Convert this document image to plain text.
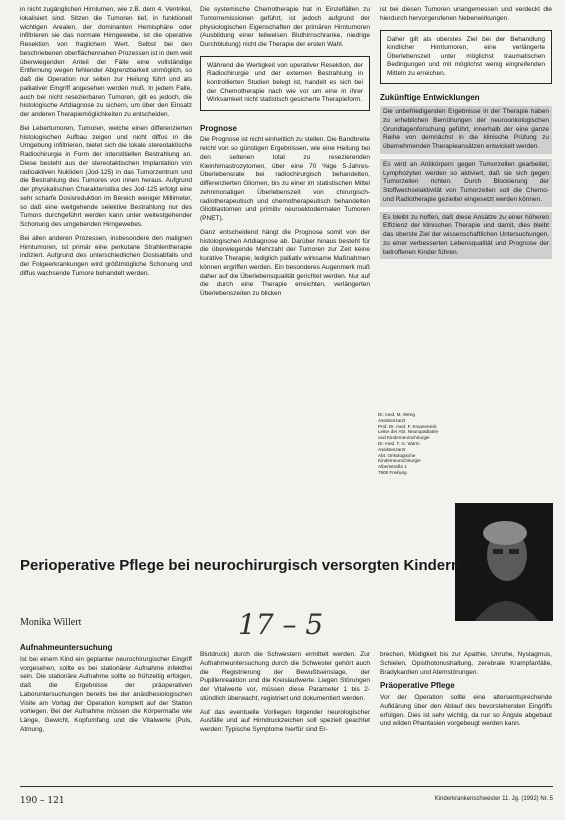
in nicht zugänglichen Hirnlumen, wie z.B. dem 4. Ventrikel, lokalisiert sind. Sitzen die Tumoren tief, in funktionell wichtigen Arealen, der dominanten Hemisphäre oder infiltrieren sie das normale Hirngewebe, ist die operative Resektion von fraglichem Wert. Selbst bei den beschriebenen oberflächennahen Prozessen ist in dem weit überwiegenden Anteil der Fälle eine vollständige Entfernung wegen fehlender Abgrenzbarkeit unmöglich, so daß die Operation nur selten zur Heilung führt und als palliativer Eingriff angesehen werden muß. In jedem Falle, auch bei nicht resezierbaren Tumoren, gilt es jedoch, die histologische Artdiagnose zu sichern, um über den Einsatz der anderen Therapiemöglichkeiten zu entscheiden.

Bei Lebertumoren, Tumoren, welche einen differenzierten histologischen Aufbau zeigen und nicht diffus in die Umgebung infiltrieren, bietet sich die lokale stereotaktische Radiochirurgie in Form der interstitiellen Bestrahlung an. Diese besteht aus der stereotaktischen Implantation von radioaktiven Nukliden (Jod-125) in das Tumorzentrum und die Bestrahlung des Tumores von innen heraus. Aufgrund der physikalischen Charakteristika des Jod-125 erfolgt eine sehr scharfe Dosisreduktion im Bereich weniger Millimeter, so daß eine weitgehende selektive Bestrahlung nur des Tumors durchgeführt werden kann unter weitestgehender Schonung des umgebenden Hirngewebes.

Bei allen anderen Prozessen, insbesondere den malignen Hirntumoren, ist primär eine perkutane Strahlentherapie indiziert. Aufgrund des unterschiedlichen Dosisabfalls und der Folgeerkrankungen wird größtmögliche Schonung und diffus wachsende Tumore behandelt werden.

Die systemische Chemotherapie hat in Einzelfällen zu Tumorremissionen geführt, ist jedoch aufgrund der physiologischen Eigenschaften der primären Hirntumoren (Ausbildung einer teilweisen Bluthirnschranke, niedrige Durchblutung) nicht die Therapie der ersten Wahl.

Während die Wertigkeit von operativer Resektion, der Radiochirurgie und der externen Bestrahlung in kontrollierten Studien belegt ist, handelt es sich bei der Chemotherapie nach wie vor um eine in ihrer Wirksamkeit nicht statistisch gesicherte Therapieform.
Prognose

Die Prognose ist nicht einheitlich zu stellen. Die Bandbreite reicht von so günstigen Ergebnissen, wie eine Heilung bei den seltenen total zu resezierenden Kleinhirnastrozytomen, über eine 70 %ige 5-Jahres-Überlebensrate bei radiochirurgisch behandelten, differenzierten Gliomen, bis zu einer im statistischen Mittel zehnmonatigen Überlebenszeit von chirurgisch-radiotherapeutisch und chemotherapeutisch behandelten Glioblastomen und primitiv neuroektodermalen Tumoren (PNET).

Ganz entscheidend hängt die Prognose somit von der histologischen Artdiagnose ab. Darüber hinaus besteht für die überwiegende Mehrzahl der Tumoren zur Zeit keine kurative Therapie, lediglich palliativ wirksame Maßnahmen können ergriffen werden. Ein besonderes Augenmerk muß daher auf die Überlebensqualität gerichtet werden. Nur auf die durch eine Therapie erreichten, verlängerten Überlebenszeiten zu blicken

ist bei diesen Tumoren unangemessen und verdeckt die hierdurch hervorgerufenen Nebenwirkungen.

Daher gilt als oberstes Ziel bei der Behandlung kindlicher Hirntumoren, eine verlängerte Überlebenszeit unter möglichst traumatischen Bedingungen und mit möglichst wenig eingreifenden Mitteln zu erreichen.
Zukünftige Entwicklungen

Die unbefriedigenden Ergebnisse in der Therapie haben zu erheblichen Bemühungen der neuroonkologischen Grundlagenforschung geführt, innerhalb der eine ganze Reihe von demnächst in die klinische Prüfung zu übernehmenden Therapieansätzen entwickelt werden.

Es wird an Antikörpern gegen Tumorzellen gearbeitet, Lymphozyten werden so aktiviert, daß sie sich gegen Tumorzellen richten. Durch Blockierung der Stoffwechselaktivität von Tumorzellen soll die Chemo- und Radiotherapie gezielter eingesetzt werden können.

Es bleibt zu hoffen, daß diese Ansätze zu einer höheren Effizienz der klinischen Therapie und damit, dies bleibt das oberste Ziel der wissenschaftlichen Untersuchungen, zu einer verbesserten Lebensqualität und Prognose der betroffenen Kinder führen.

Dr. med. M. Weng
Assistenzarzt
Prof. Dr. med. F. Krauseneck
Leiter der Abt. Neuropädiatrie
und Kinderneurochirurgie
Dr. med. T. G. Warm
Assistenzarzt
Abt. Onkologische Kinderneurochirurgie
Albertstraße 1
7900 Freiburg
Perioperative Pflege bei neurochirurgisch versorgten Kindern
Monika Willert	17 – 5
Aufnahmeuntersuchung

Ist bei einem Kind ein geplanter neurochirurgischer Eingriff vorgesehen, sollte es bei stationärer Aufnahme infektfrei sein. Die stationäre Aufnahme sollte so frühzeitig erfolgen, daß die Ergebnisse der präoperativen Laboruntersuchungen bereits bei der anästhesiologischen Visite am Vortag der Operation komplett auf der Station vorliegen. Bei der Aufnahme müssen die Körpermaße wie Länge, Gewicht, Kopfumfang und die Vitalwerte (Puls, Atmung,

Blutdruck) durch die Schwestern ermittelt werden. Zur Aufnahmeuntersuchung durch die Schwester gehört auch die Registrierung der Bewußtseinslage, der Pupillenreaktion und die Kreislaufwerte. Liegen Störungen der Vitalwerte vor, müssen diese Parameter 1 bis 2-stündlich überwacht, registriert und dokumentiert werden.

Auf das eventuelle Vorliegen folgender neurologischer Ausfälle und auf Hirndruckzeichen soll speziell geachtet werden: Typische Symptome hierfür sind Er-

brechen, Müdigkeit bis zur Apathie, Unruhe, Nystagmus, Schielen, Opisthotonushaltung, zerebrale Krampfanfälle, Bradykardien und Atemstörungen.

Präoperative Pflege

Vor der Operation sollte eine altersentsprechende Aufklärung über den Ablauf des bevorstehenden Eingriffs erfolgen. Dies ist sehr wichtig, da nur so Ängste abgebaut und wilden Phantasien vorgebeugt werden kann.

190 – 121	Kinderkrankenschwester 11. Jg. (1992) Nr. 5
